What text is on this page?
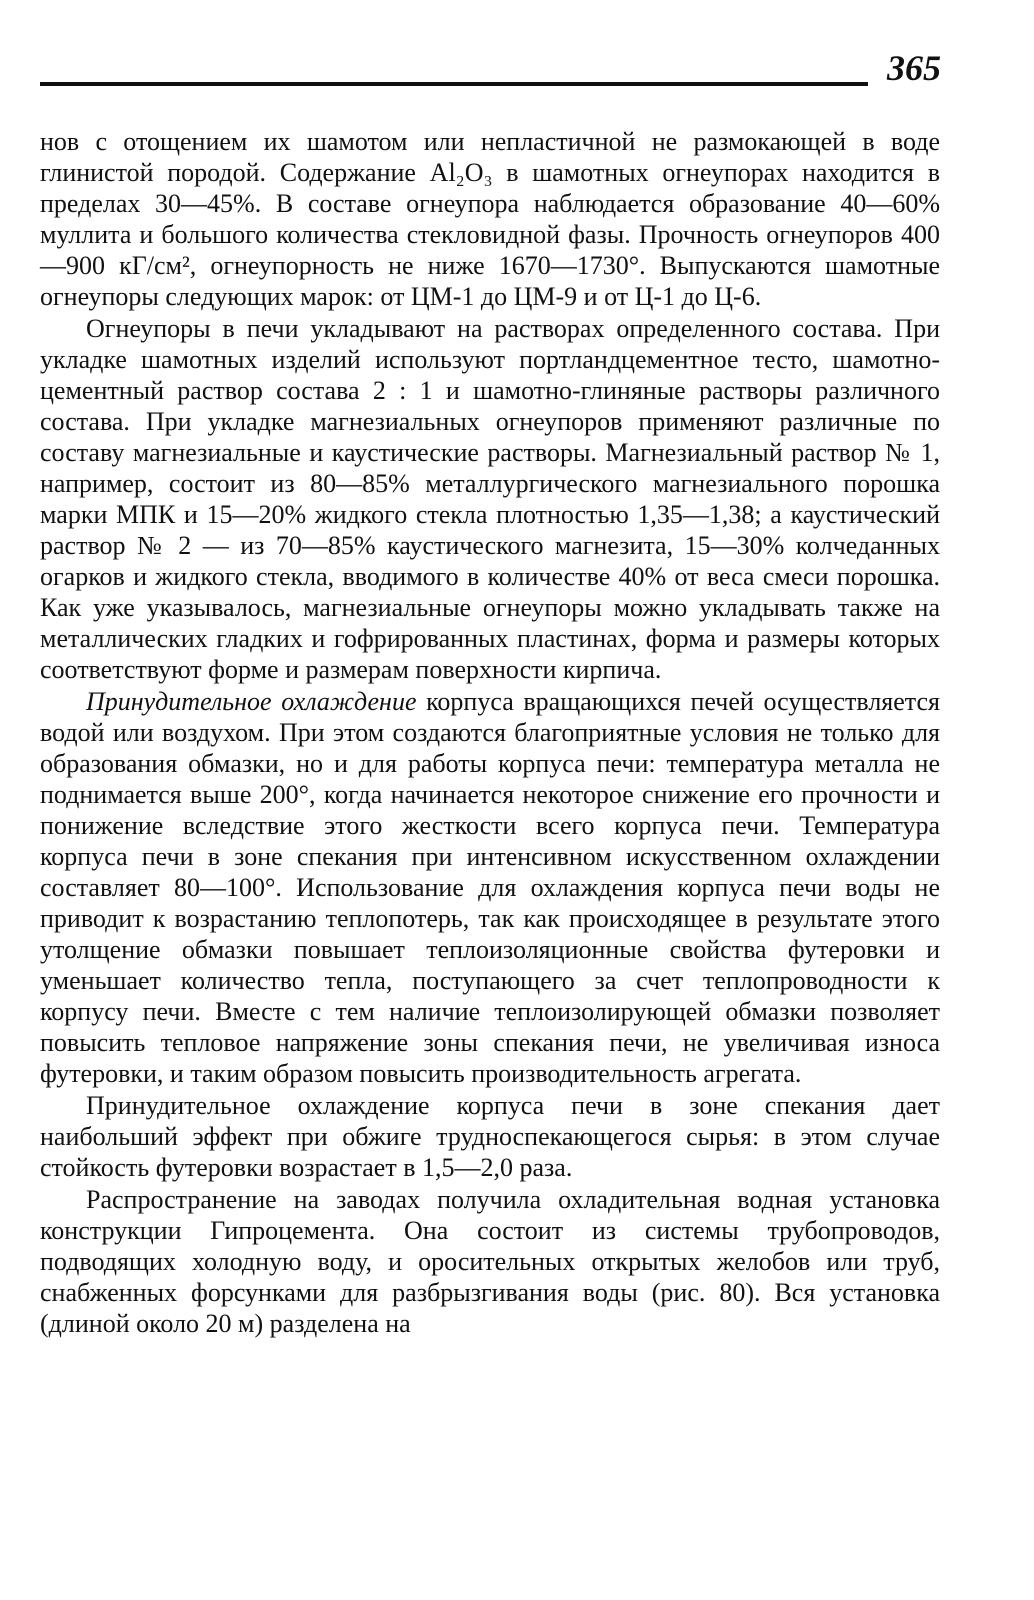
365

нов с отощением их шамотом или непластичной не размокающей в воде глинистой породой. Содержание Al₂O₃ в шамотных огнеупорах находится в пределах 30—45%. В составе огнеупора наблюдается образование 40—60% муллита и большого количества стекловидной фазы. Прочность огнеупоров 400—900 кГ/см², огнеупорность не ниже 1670—1730°. Выпускаются шамотные огнеупоры следующих марок: от ЦМ-1 до ЦМ-9 и от Ц-1 до Ц-6.

Огнеупоры в печи укладывают на растворах определенного состава. При укладке шамотных изделий используют портландцементное тесто, шамотно-цементный раствор состава 2 : 1 и шамотно-глиняные растворы различного состава. При укладке магнезиальных огнеупоров применяют различные по составу магнезиальные и каустические растворы. Магнезиальный раствор № 1, например, состоит из 80—85% металлургического магнезиального порошка марки МПК и 15—20% жидкого стекла плотностью 1,35—1,38; а каустический раствор № 2 — из 70—85% каустического магнезита, 15—30% колчеданных огарков и жидкого стекла, вводимого в количестве 40% от веса смеси порошка. Как уже указывалось, магнезиальные огнеупоры можно укладывать также на металлических гладких и гофрированных пластинах, форма и размеры которых соответствуют форме и размерам поверхности кирпича.

Принудительное охлаждение корпуса вращающихся печей осуществляется водой или воздухом. При этом создаются благоприятные условия не только для образования обмазки, но и для работы корпуса печи: температура металла не поднимается выше 200°, когда начинается некоторое снижение его прочности и понижение вследствие этого жесткости всего корпуса печи. Температура корпуса печи в зоне спекания при интенсивном искусственном охлаждении составляет 80—100°. Использование для охлаждения корпуса печи воды не приводит к возрастанию теплопотерь, так как происходящее в результате этого утолщение обмазки повышает теплоизоляционные свойства футеровки и уменьшает количество тепла, поступающего за счет теплопроводности к корпусу печи. Вместе с тем наличие теплоизолирующей обмазки позволяет повысить тепловое напряжение зоны спекания печи, не увеличивая износа футеровки, и таким образом повысить производительность агрегата.

Принудительное охлаждение корпуса печи в зоне спекания дает наибольший эффект при обжиге трудноспекающегося сырья: в этом случае стойкость футеровки возрастает в 1,5—2,0 раза.

Распространение на заводах получила охладительная водная установка конструкции Гипроцемента. Она состоит из системы трубопроводов, подводящих холодную воду, и оросительных открытых желобов или труб, снабженных форсунками для разбрызгивания воды (рис. 80). Вся установка (длиной около 20 м) разделена на
